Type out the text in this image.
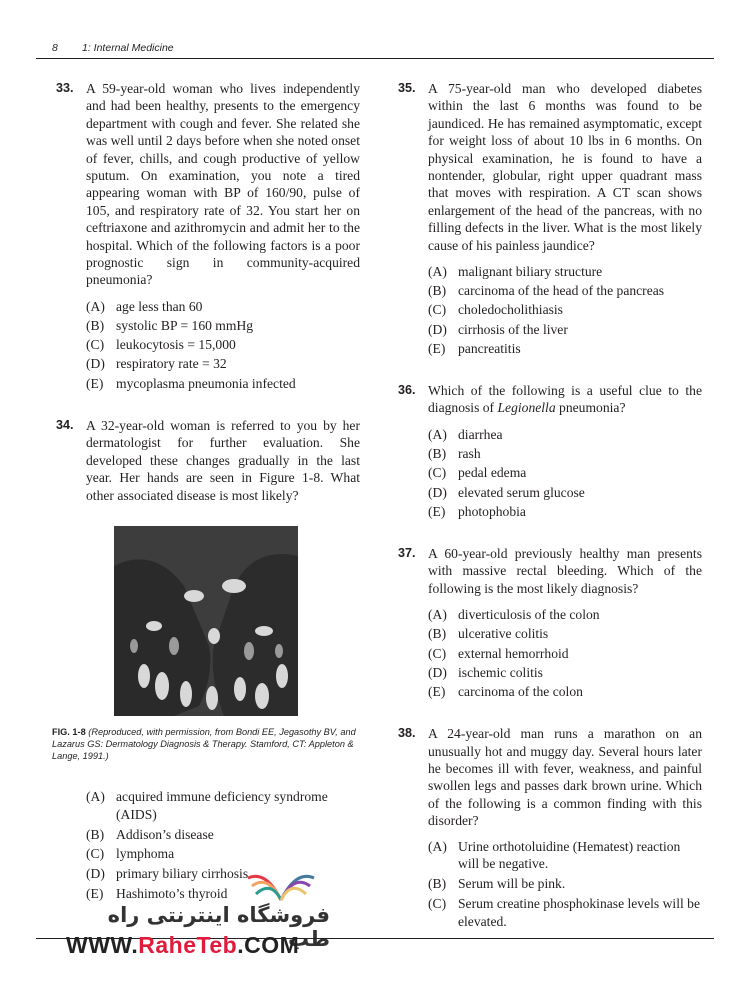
8 1: Internal Medicine
33. A 59-year-old woman who lives independently and had been healthy, presents to the emergency department with cough and fever. She related she was well until 2 days before when she noted onset of fever, chills, and cough productive of yellow sputum. On examination, you note a tired appearing woman with BP of 160/90, pulse of 105, and respiratory rate of 32. You start her on ceftriaxone and azithromycin and admit her to the hospital. Which of the following factors is a poor prognostic sign in community-acquired pneumonia?
(A) age less than 60
(B) systolic BP = 160 mmHg
(C) leukocytosis = 15,000
(D) respiratory rate = 32
(E) mycoplasma pneumonia infected
34. A 32-year-old woman is referred to you by her dermatologist for further evaluation. She developed these changes gradually in the last year. Her hands are seen in Figure 1-8. What other associated disease is most likely?
FIG. 1-8 (Reproduced, with permission, from Bondi EE, Jegasothy BV, and Lazarus GS: Dermatology Diagnosis & Therapy. Stamford, CT: Appleton & Lange, 1991.)
(A) acquired immune deficiency syndrome (AIDS)
(B) Addison’s disease
(C) lymphoma
(D) primary biliary cirrhosis
(E) Hashimoto’s thyroid
35. A 75-year-old man who developed diabetes within the last 6 months was found to be jaundiced. He has remained asymptomatic, except for weight loss of about 10 lbs in 6 months. On physical examination, he is found to have a nontender, globular, right upper quadrant mass that moves with respiration. A CT scan shows enlargement of the head of the pancreas, with no filling defects in the liver. What is the most likely cause of his painless jaundice?
(A) malignant biliary structure
(B) carcinoma of the head of the pancreas
(C) choledocholithiasis
(D) cirrhosis of the liver
(E) pancreatitis
36. Which of the following is a useful clue to the diagnosis of Legionella pneumonia?
(A) diarrhea
(B) rash
(C) pedal edema
(D) elevated serum glucose
(E) photophobia
37. A 60-year-old previously healthy man presents with massive rectal bleeding. Which of the following is the most likely diagnosis?
(A) diverticulosis of the colon
(B) ulcerative colitis
(C) external hemorrhoid
(D) ischemic colitis
(E) carcinoma of the colon
38. A 24-year-old man runs a marathon on an unusually hot and muggy day. Several hours later he becomes ill with fever, weakness, and painful swollen legs and passes dark brown urine. Which of the following is a common finding with this disorder?
(A) Urine orthotoluidine (Hematest) reaction will be negative.
(B) Serum will be pink.
(C) Serum creatine phosphokinase levels will be elevated.
فروشگاه اینترنتی راه طب
WWW.RaheTeb.COM
